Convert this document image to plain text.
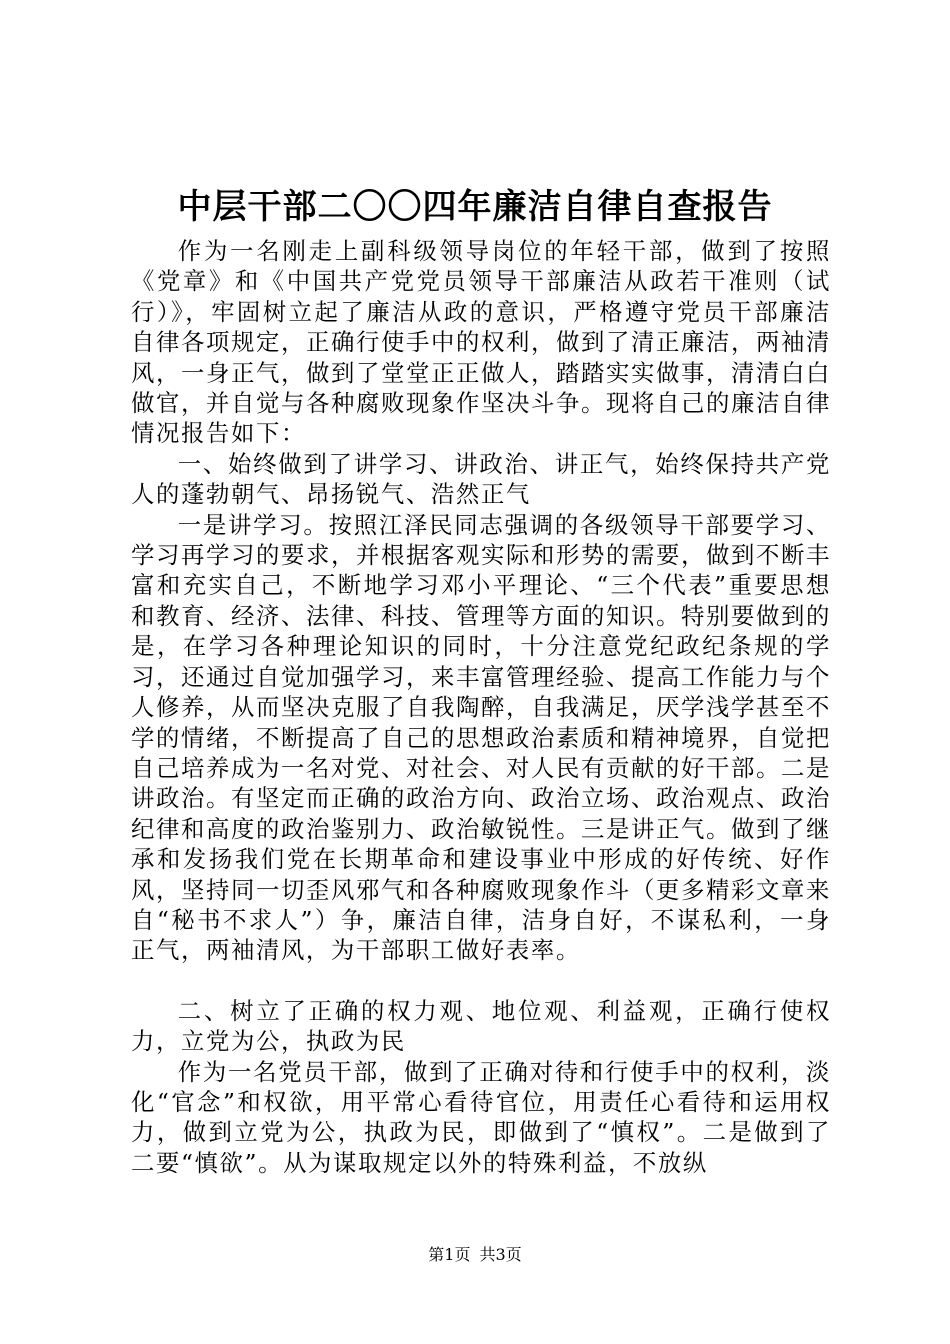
中层干部二〇〇四年廉洁自律自查报告

作为一名刚走上副科级领导岗位的年轻干部，做到了按照《党章》和《中国共产党党员领导干部廉洁从政若干准则（试行）》，牢固树立起了廉洁从政的意识，严格遵守党员干部廉洁自律各项规定，正确行使手中的权利，做到了清正廉洁，两袖清风，一身正气，做到了堂堂正正做人，踏踏实实做事，清清白白做官，并自觉与各种腐败现象作坚决斗争。现将自己的廉洁自律情况报告如下：

一、始终做到了讲学习、讲政治、讲正气，始终保持共产党人的蓬勃朝气、昂扬锐气、浩然正气

一是讲学习。按照江泽民同志强调的各级领导干部要学习、学习再学习的要求，并根据客观实际和形势的需要，做到不断丰富和充实自己，不断地学习邓小平理论、“三个代表”重要思想和教育、经济、法律、科技、管理等方面的知识。特别要做到的是，在学习各种理论知识的同时，十分注意党纪政纪条规的学习，还通过自觉加强学习，来丰富管理经验、提高工作能力与个人修养，从而坚决克服了自我陶醉，自我满足，厌学浅学甚至不学的情绪，不断提高了自己的思想政治素质和精神境界，自觉把自己培养成为一名对党、对社会、对人民有贡献的好干部。二是讲政治。有坚定而正确的政治方向、政治立场、政治观点、政治纪律和高度的政治鉴别力、政治敏锐性。三是讲正气。做到了继承和发扬我们党在长期革命和建设事业中形成的好传统、好作风，坚持同一切歪风邪气和各种腐败现象作斗（更多精彩文章来自“秘书不求人”）争，廉洁自律，洁身自好，不谋私利，一身正气，两袖清风，为干部职工做好表率。

二、树立了正确的权力观、地位观、利益观，正确行使权力，立党为公，执政为民

作为一名党员干部，做到了正确对待和行使手中的权利，淡化“官念”和权欲，用平常心看待官位，用责任心看待和运用权力，做到立党为公，执政为民，即做到了“慎权”。二是做到了二要“慎欲”。从为谋取规定以外的特殊利益，不放纵

第1页 共3页
